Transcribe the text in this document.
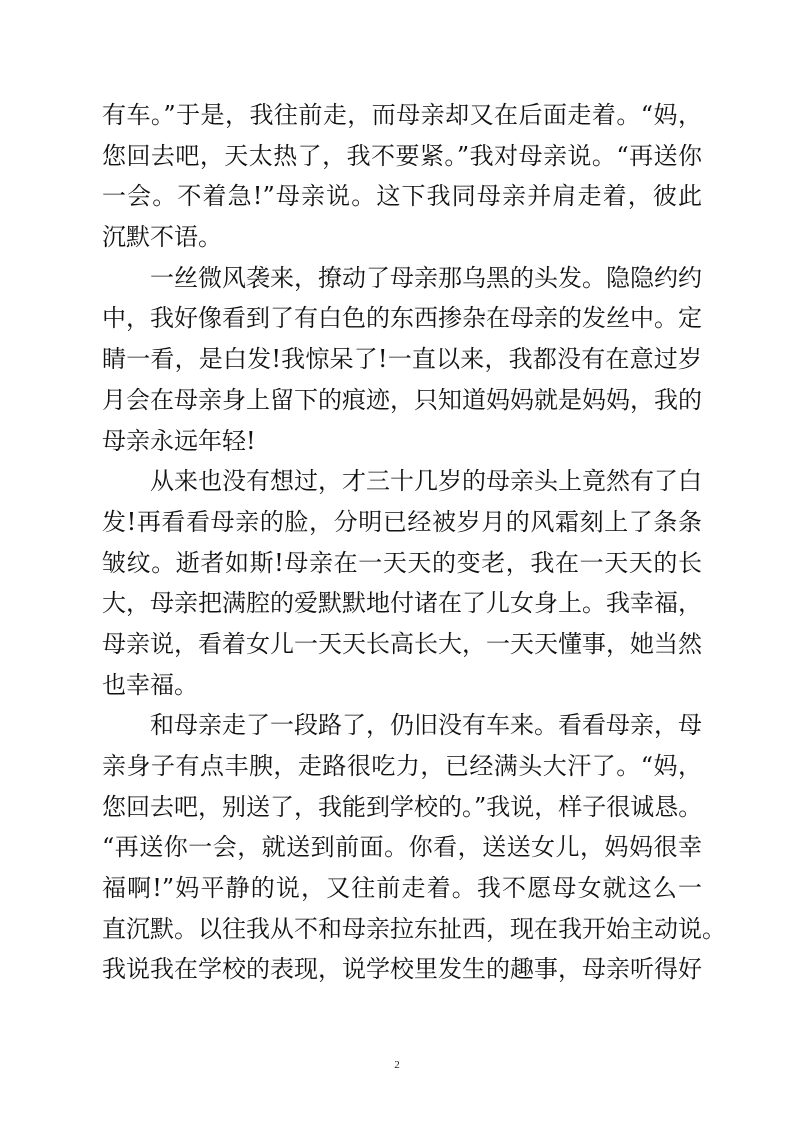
有车。”于是，我往前走，而母亲却又在后面走着。“妈，
您回去吧，天太热了，我不要紧。”我对母亲说。“再送你
一会。不着急!”母亲说。这下我同母亲并肩走着，彼此
沉默不语。
一丝微风袭来，撩动了母亲那乌黑的头发。隐隐约约
中，我好像看到了有白色的东西掺杂在母亲的发丝中。定
睛一看，是白发!我惊呆了!一直以来，我都没有在意过岁
月会在母亲身上留下的痕迹，只知道妈妈就是妈妈，我的
母亲永远年轻!
从来也没有想过，才三十几岁的母亲头上竟然有了白
发!再看看母亲的脸，分明已经被岁月的风霜刻上了条条
皱纹。逝者如斯!母亲在一天天的变老，我在一天天的长
大，母亲把满腔的爱默默地付诸在了儿女身上。我幸福，
母亲说，看着女儿一天天长高长大，一天天懂事，她当然
也幸福。
和母亲走了一段路了，仍旧没有车来。看看母亲，母
亲身子有点丰腴，走路很吃力，已经满头大汗了。“妈，
您回去吧，别送了，我能到学校的。”我说，样子很诚恳。
“再送你一会，就送到前面。你看，送送女儿，妈妈很幸
福啊!”妈平静的说，又往前走着。我不愿母女就这么一
直沉默。以往我从不和母亲拉东扯西，现在我开始主动说。
我说我在学校的表现，说学校里发生的趣事，母亲听得好
2
